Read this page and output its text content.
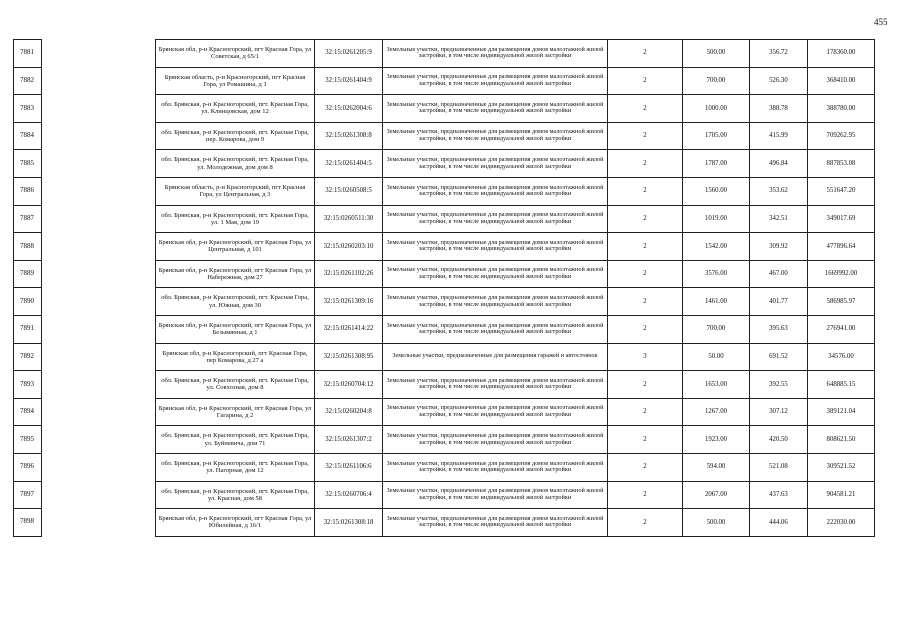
455
7881		Брянская обл, р-н Красногорский, пгт Красная Гора, ул Советская, д 65/1	32:15:0261205:9	Земельные участки, предназначенные для размещения домов малоэтажной жилой застройки, в том числе индивидуальной жилой застройки	2	500.00	356.72	178360.00
7882		Брянская область, р-н Красногорский, пгт Красная Гора, ул Ромашина, д 1	32:15:0261404:9	Земельные участки, предназначенные для размещения домов малоэтажной жилой застройки, в том числе индивидуальной жилой застройки	2	700.00	526.30	368410.00
7883		обл. Брянская, р-н Красногорский, пгт. Красная Гора, ул. Клинцовская, дом 12	32:15:0262004:6	Земельные участки, предназначенные для размещения домов малоэтажной жилой застройки, в том числе индивидуальной жилой застройки	2	1000.00	388.78	388780.00
7884		обл. Брянская, р-н Красногорский, пгт. Красная Гора, пер. Комарова, дом 9	32:15:0261308:8	Земельные участки, предназначенные для размещения домов малоэтажной жилой застройки, в том числе индивидуальной жилой застройки	2	1705.00	415.99	709262.95
7885		обл. Брянская, р-н Красногорский, пгт. Красная Гора, ул. Молодежная, дом дом 8	32:15:0261404:5	Земельные участки, предназначенные для размещения домов малоэтажной жилой застройки, в том числе индивидуальной жилой застройки	2	1787.00	496.84	887853.08
7886		Брянская область, р-н Красногорский, пгт Красная Гора, ул Центральная, д 3	32:15:0260508:5	Земельные участки, предназначенные для размещения домов малоэтажной жилой застройки, в том числе индивидуальной жилой застройки	2	1560.00	353.62	551647.20
7887		обл. Брянская, р-н Красногорский, пгт. Красная Гора, ул. 1 Мая, дом 19	32:15:0260511:30	Земельные участки, предназначенные для размещения домов малоэтажной жилой застройки, в том числе индивидуальной жилой застройки	2	1019.00	342.51	349017.69
7888		Брянская обл, р-н Красногорский, пгт Красная Гора, ул Центральная, д 101	32:15:0260203:10	Земельные участки, предназначенные для размещения домов малоэтажной жилой застройки, в том числе индивидуальной жилой застройки	2	1542.00	309.92	477896.64
7889		Брянская обл, р-н Красногорский, пгт Красная Гора, ул Набережная, дом 27	32:15:0261102:26	Земельные участки, предназначенные для размещения домов малоэтажной жилой застройки, в том числе индивидуальной жилой застройки	2	3576.00	467.00	1669992.00
7890		обл. Брянская, р-н Красногорский, пгт. Красная Гора, ул. Южная, дом 30	32:15:0261309:16	Земельные участки, предназначенные для размещения домов малоэтажной жилой застройки, в том числе индивидуальной жилой застройки	2	1461.00	401.77	586985.97
7891		Брянская обл, р-н Красногорский, пгт Красная Гора, ул Безымянная, д 1	32:15:0261414:22	Земельные участки, предназначенные для размещения домов малоэтажной жилой застройки, в том числе индивидуальной жилой застройки	2	700.00	395.63	276941.00
7892		Брянская обл, р-н Красногорский, пгт Красная Гора, пер Комарова, д 27 а	32:15:0261308:95	Земельные участки, предназначенные для размещения гаражей и автостоянок	3	50.00	691.52	34576.00
7893		обл. Брянская, р-н Красногорский, пгт. Красная Гора, ул. Совхозная, дом 8	32:15:0260704:12	Земельные участки, предназначенные для размещения домов малоэтажной жилой застройки, в том числе индивидуальной жилой застройки	2	1653.00	392.55	648885.15
7894		Брянская обл, р-н Красногорский, пгт Красная Гора, ул Гагарина, д 2	32:15:0260204:8	Земельные участки, предназначенные для размещения домов малоэтажной жилой застройки, в том числе индивидуальной жилой застройки	2	1267.00	307.12	389121.04
7895		обл. Брянская, р-н Красногорский, пгт. Красная Гора, ул. Буйневича, дом 71	32:15:0261307:2	Земельные участки, предназначенные для размещения домов малоэтажной жилой застройки, в том числе индивидуальной жилой застройки	2	1923.00	420.50	808621.50
7896		обл. Брянская, р-н Красногорский, пгт. Красная Гора, ул. Нагорная, дом 12	32:15:0261106:6	Земельные участки, предназначенные для размещения домов малоэтажной жилой застройки, в том числе индивидуальной жилой застройки	2	594.00	521.08	309521.52
7897		обл. Брянская, р-н Красногорский, пгт. Красная Гора, ул. Красная, дом 58	32:15:0260706:4	Земельные участки, предназначенные для размещения домов малоэтажной жилой застройки, в том числе индивидуальной жилой застройки	2	2067.00	437.63	904581.21
7898		Брянская обл, р-н Красногорский, пгт Красная Гора, ул Юбилейная, д 16/1	32:15:0261308:18	Земельные участки, предназначенные для размещения домов малоэтажной жилой застройки, в том числе индивидуальной жилой застройки	2	500.00	444.06	222030.00
